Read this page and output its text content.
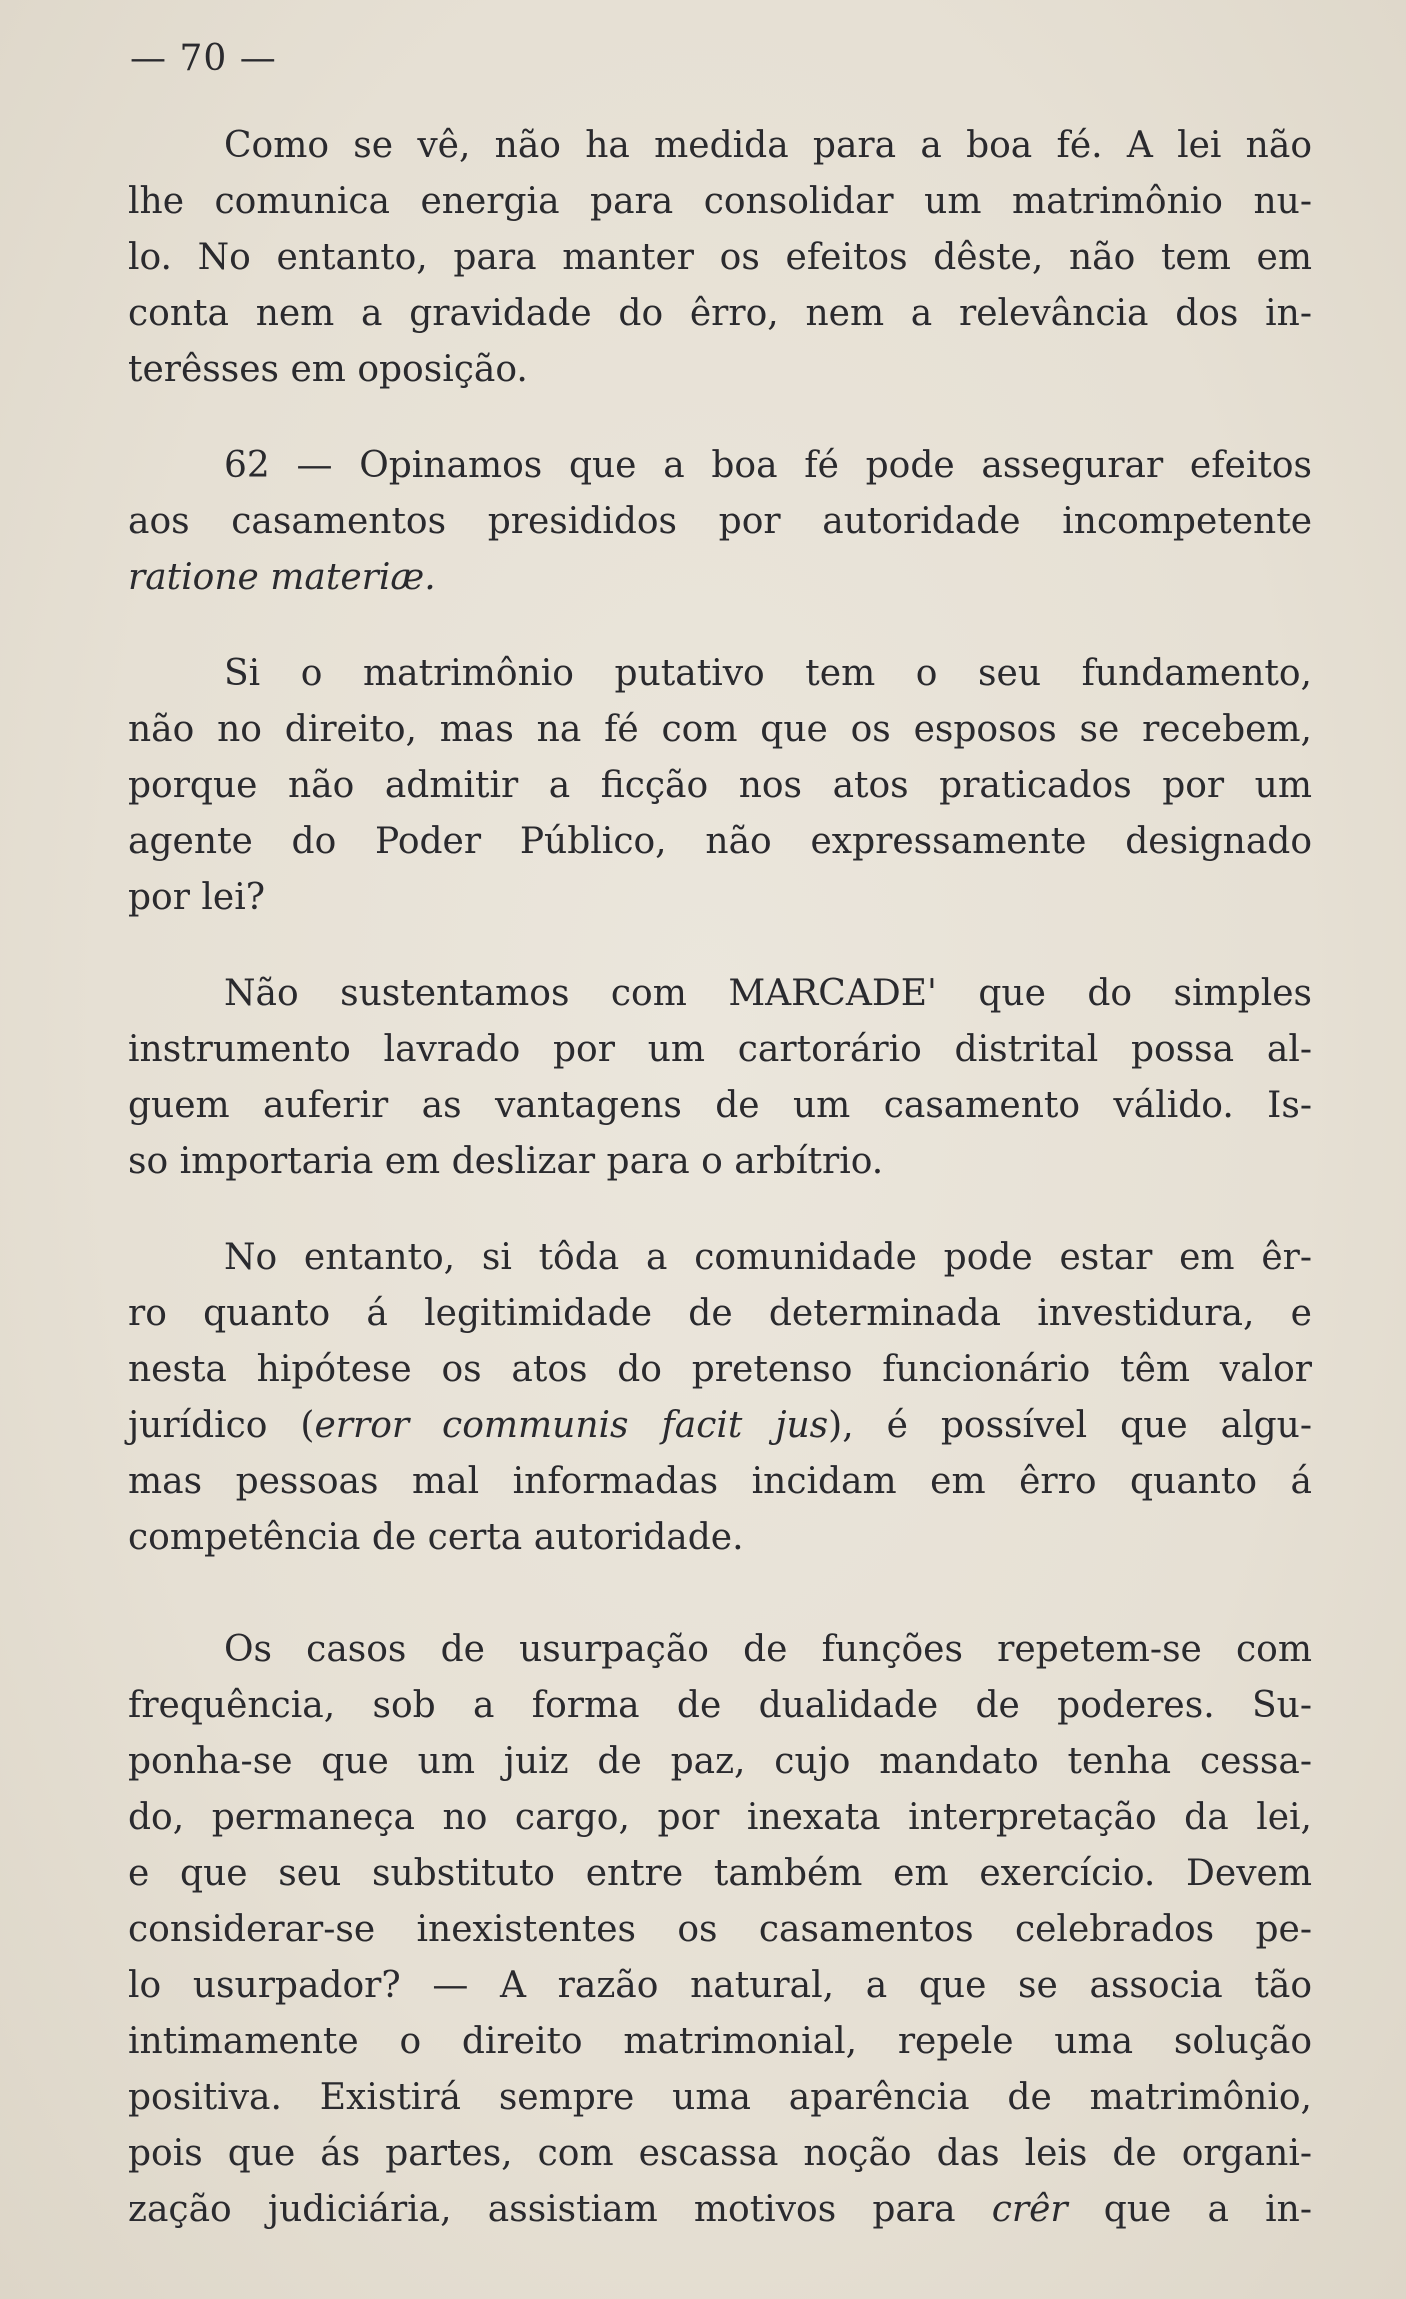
— 70 —

Como se vê, não ha medida para a boa fé. A lei não
lhe comunica energia para consolidar um matrimônio nu-
lo. No entanto, para manter os efeitos dêste, não tem em
conta nem a gravidade do êrro, nem a relevância dos in-
terêsses em oposição.

62 — Opinamos que a boa fé pode assegurar efeitos
aos casamentos presididos por autoridade incompetente
ratione materiæ.

Si o matrimônio putativo tem o seu fundamento,
não no direito, mas na fé com que os esposos se recebem,
porque não admitir a ficção nos atos praticados por um
agente do Poder Público, não expressamente designado
por lei?

Não sustentamos com MARCADE' que do simples
instrumento lavrado por um cartorário distrital possa al-
guem auferir as vantagens de um casamento válido. Is-
so importaria em deslizar para o arbítrio.

No entanto, si tôda a comunidade pode estar em êr-
ro quanto á legitimidade de determinada investidura, e
nesta hipótese os atos do pretenso funcionário têm valor
jurídico (error communis facit jus), é possível que algu-
mas pessoas mal informadas incidam em êrro quanto á
competência de certa autoridade.

Os casos de usurpação de funções repetem-se com
frequência, sob a forma de dualidade de poderes. Su-
ponha-se que um juiz de paz, cujo mandato tenha cessa-
do, permaneça no cargo, por inexata interpretação da lei,
e que seu substituto entre também em exercício. Devem
considerar-se inexistentes os casamentos celebrados pe-
lo usurpador? — A razão natural, a que se associa tão
intimamente o direito matrimonial, repele uma solução
positiva. Existirá sempre uma aparência de matrimônio,
pois que ás partes, com escassa noção das leis de organi-
zação judiciária, assistiam motivos para crêr que a in-
